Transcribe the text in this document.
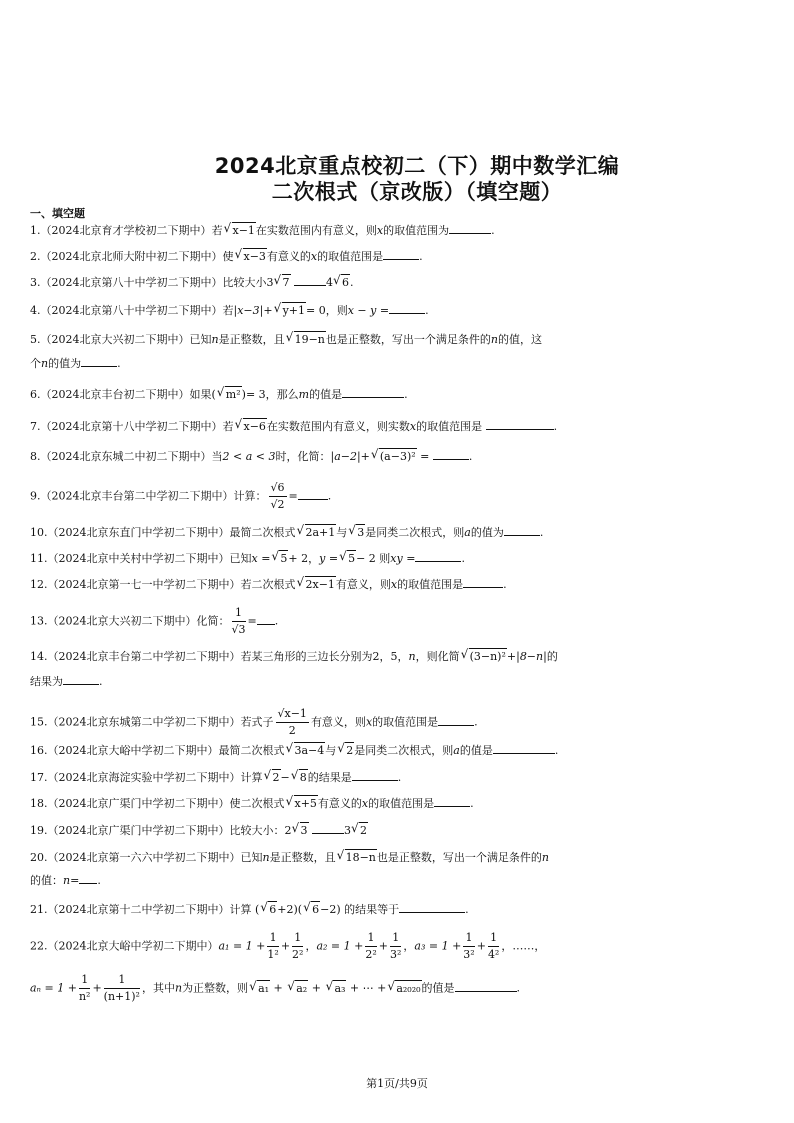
2024北京重点校初二（下）期中数学汇编
二次根式（京改版）（填空题）
一、填空题
1.（2024北京育才学校初二下期中）若 √ x−1在实数范围内有意义，则x的取值范围为	.
2.（2024北京北师大附中初二下期中）使 √ x−3有意义的x的取值范围是	.
3.（2024北京第八十中学初二下期中）比较大小3 √ 7	4 √ 6.
4.（2024北京第八十中学初二下期中）若|x−3|+ √ y+1= 0，则x − y =	.
5.（2024北京大兴初二下期中）已知n是正整数，且 √ 19−n也是正整数，写出一个满足条件的n的值，这
个n的值为	.
6.（2024北京丰台初二下期中）如果( √ m²)= 3，那么m的值是	.
7.（2024北京第十八中学初二下期中）若 √ x−6在实数范围内有意义，则实数x的取值范围是	.
8.（2024北京东城二中初二下期中）当2 < a < 3时，化简：|a−2|+ √ (a−3)² =	.
9.（2024北京丰台第二中学初二下期中）计算： $\frac{√6}{√2}$ =	.
10.（2024北京东直门中学初二下期中）最简二次根式 √ 2a+1与 √ 3是同类二次根式，则a的值为	.
11.（2024北京中关村中学初二下期中）已知x = √ 5+ 2，y = √ 5− 2 则xy =	.
12.（2024北京第一七一中学初二下期中）若二次根式 √ 2x−1有意义，则x的取值范围是	.
13.（2024北京大兴初二下期中）化简： $\frac{1}{√3}$ = .
14.（2024北京丰台第二中学初二下期中）若某三角形的三边长分别为2，5，n，则化简 √ (3−n)²+|8−n|的
结果为	.
15.（2024北京东城第二中学初二下期中）若式子 $\frac{√x-1}{2}$ 有意义，则x的取值范围是	.
16.（2024北京大峪中学初二下期中）最简二次根式 √ 3a−4与 √ 2是同类二次根式，则a的值是	.
17.（2024北京海淀实验中学初二下期中）计算 √ 2− √ 8的结果是	.
18.（2024北京广渠门中学初二下期中）使二次根式 √ x+5有意义的x的取值范围是	.
19.（2024北京广渠门中学初二下期中）比较大小：2 √ 3	3 √ 2
20.（2024北京第一六六中学初二下期中）已知n是正整数，且 √ 18−n也是正整数，写出一个满足条件的n
的值：n= .
21.（2024北京第十二中学初二下期中）计算 ( √ 6+2)( √ 6−2) 的结果等于	.
22.（2024北京大峪中学初二下期中）$a_1 = 1 + \frac{1}{\text{1²}} + \frac{1}{\text{2²}}$ ，$a_2 = 1 + \frac{1}{\text{2²}} + \frac{1}{\text{3²}}$ ，$a_3 = 1 + \frac{1}{\text{3²}} + \frac{1}{\text{4²}}$ ，……，
$a_n = 1 + \frac{1}{\text{n²}} + \frac{1}{\text{(n+1)²}}$ ，其中n为正整数，则 √ a₁ + √ a₂ + √ a₃ + ⋯ + √ a₂₀₂₀的值是	.
第1页/共9页
